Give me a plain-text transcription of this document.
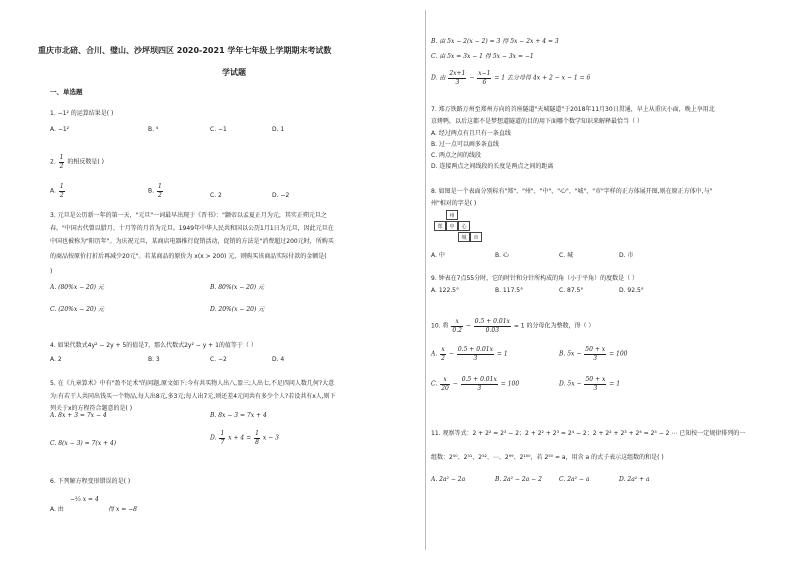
重庆市北碚、合川、璧山、沙坪坝四区 2020-2021 学年七年级上学期期末考试数
学试题
一、单选题
1. −1² 的运算结果是( )
A. −1²	B. ⁴	C. −1	D. 1
2. $\frac{1}{2}$ 的相反数是( )
A. $\frac{1}{2}$	B. $\frac{1}{2}$	C. 2	D. −2
3. 元旦是公历新一年的第一天，"元旦"一词最早出现于《晋书》："颛帝以孟夏正月为元，其实正朔元旦之
春。"中国古代曾以腊月、十月等的月首为元旦。1949年中华人民共和国以公历1月1日为元旦，因此元旦在
中国也被称为"阳历年"。为庆祝元旦，某商店电器推行促销活动，促销的方法是"消费超过200元时，所购买
的商品按原价打折后再减少20元"。若某商品的原价为 x(x > 200) 元，则购买该商品实际付款的金额是(
)
A. (80%x − 20) 元	B. 80%(x − 20) 元
C. (20%x − 20) 元	D. 20%(x − 20) 元
4. 如果代数式4y² − 2y + 5的值是7，那么代数式2y² − y + 1的值等于（ ）
A. 2	B. 3	C. −2	D. 4
5. 在《九章算术》中有"盈不足术"的问题,原文如下:今有共买物人出八,盈三;人出七,不足四问人数几何?大意
为:有若干人共同出钱买一个物品,每人出8元,多3元;每人出7元,则还差4元问共有多少个人?若设共有x人,则下
列关于x的方程符合题意的是( )
A. 8x + 3 = 7x − 4	B. 8x − 3 = 7x + 4
C. 8(x − 3) = 7(x + 4)
D. $\frac{1}{7}$ $x + 4 = \frac{1}{8}$ x − 3
6. 下列解方程变形错误的是( )
−²⁄₃ x = 4
A. 由	得 x = −8
B. 由 5x − 2(x − 2) = 3 得 5x − 2x + 4 = 3
C. 由 5x = 3x − 1 得 5x − 3x = −1
D. 由 $\frac{2x+1}{3} - \frac{x-1}{6} = 1$ 去分母得 4x + 2 − x − 1 = 6
7. 郑万铁路万州至郑州方向的首座隧道"天城隧道"于2018年11月30日贯通，早上从重庆小面，晚上享用北
京烤鸭，以后这都不是梦想道隧道的目的用下面哪个数学知识来解释最恰当（ ）
A. 经过两点有且只有一条直线
B. 过一点可以画多条直线
C. 两点之间的线段
D. 连接两点之间线段的长度是两点之间的距离
8. 如图是一个表面分别标有"郑"、"州"、"中"、"心"、"城"、"市"字样的正方体展开图,则在原正方体中,与"
州"相对的字是( )
州
郑	中	心
城	市
A. 中	B. 心	C. 城	D. 市
9. 钟表在7点55分时，它的时针和分针所构成的角（小于平角）的度数是（ ）
A. 122.5°	B. 117.5°	C. 87.5°	D. 92.5°
10. 将 $\frac{x}{0.2} - \frac{0.5 + 0.01x}{0.03} = 1$ 的分母化为整数，得（ ）
A. $\frac{x}{2} - \frac{0.5 + 0.01x}{3} = 1$	B. $5x - \frac{50 + x}{3} = 100$
C. $\frac{x}{20} - \frac{0.5 + 0.01x}{3} = 100$	D. $5x - \frac{50 + x}{3} = 1$
11. 观察等式：2 + 2² = 2³ − 2；2 + 2² + 2³ = 2⁴ − 2；2 + 2² + 2³ + 2⁴ = 2⁵ − 2 ⋯ 已知按一定规律排列的一
组数：2⁵⁰、2⁵¹、2⁵²、⋯、2⁹⁹、2¹⁰⁰，若 2⁵⁰ = a，用含 a 的式子表示这组数的和是( )
A. 2a² − 2a	B. 2a² − 2a − 2	C. 2a² − a	D. 2a² + a
